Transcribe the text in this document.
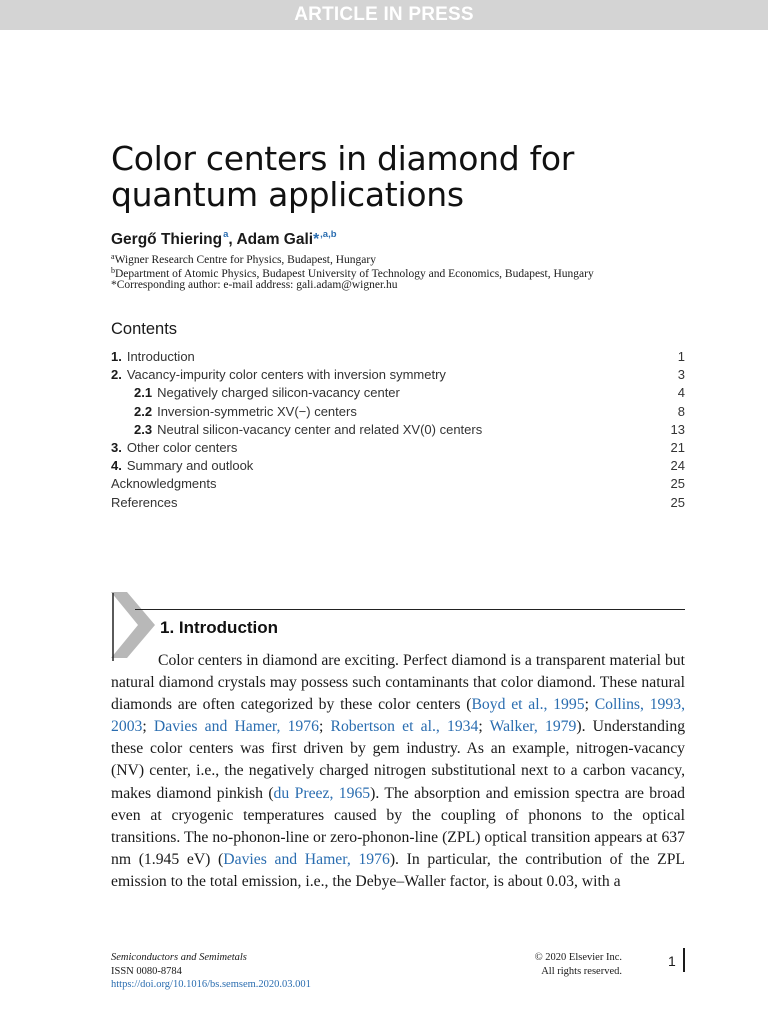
ARTICLE IN PRESS
Color centers in diamond for
quantum applications
Gergő Thiering$^a$, Adam Gali*$^{,a,b}$
$^a$Wigner Research Centre for Physics, Budapest, Hungary
$^b$Department of Atomic Physics, Budapest University of Technology and Economics, Budapest, Hungary
*Corresponding author: e-mail address: gali.adam@wigner.hu
Contents
1. Introduction	1
2. Vacancy-impurity color centers with inversion symmetry	3
2.1 Negatively charged silicon-vacancy center	4
2.2 Inversion-symmetric XV(−) centers	8
2.3 Neutral silicon-vacancy center and related XV(0) centers	13
3. Other color centers	21
4. Summary and outlook	24
Acknowledgments	25
References	25
1. Introduction
Color centers in diamond are exciting. Perfect diamond is a transparent material but natural diamond crystals may possess such contaminants that color diamond. These natural diamonds are often categorized by these color centers (Boyd et al., 1995; Collins, 1993, 2003; Davies and Hamer, 1976; Robertson et al., 1934; Walker, 1979). Understanding these color centers was first driven by gem industry. As an example, nitrogen-vacancy (NV) center, i.e., the negatively charged nitrogen substitutional next to a carbon vacancy, makes diamond pinkish (du Preez, 1965). The absorption and emission spectra are broad even at cryogenic temperatures caused by the coupling of phonons to the optical transitions. The no-phonon-line or zero-phonon-line (ZPL) optical transition appears at 637 nm (1.945 eV) (Davies and Hamer, 1976). In particular, the contribution of the ZPL emission to the total emission, i.e., the Debye–Waller factor, is about 0.03, with a
Semiconductors and Semimetals
ISSN 0080-8784
https://doi.org/10.1016/bs.semsem.2020.03.001
© 2020 Elsevier Inc.
All rights reserved.
1
